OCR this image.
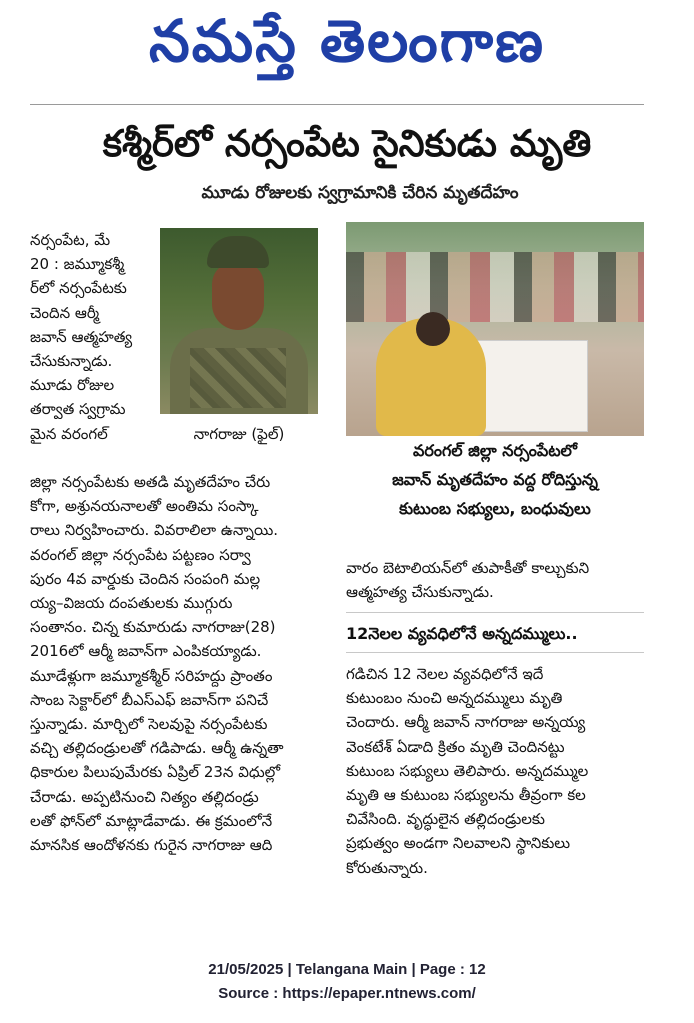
నమస్తే తెలంగాణ
కశ్మీర్‌లో నర్సంపేట సైనికుడు మృతి
మూడు రోజులకు స్వగ్రామానికి చేరిన మృతదేహం

నర్సంపేట, మే

20 : జమ్మూకశ్మీ

ర్‌లో నర్సంపేటకు

చెందిన ఆర్మీ

జవాన్ ఆత్మహత్య

చేసుకున్నాడు.

మూడు రోజుల

తర్వాత స్వగ్రామ

మైన వరంగల్	నాగరాజు (ఫైల్)
వరంగల్ జిల్లా నర్సంపేటలో
జవాన్ మృతదేహం వద్ద రోదిస్తున్న
కుటుంబ సభ్యులు, బంధువులు

జిల్లా నర్సంపేటకు అతడి మృతదేహం చేరు

కోగా, అశ్రునయనాలతో అంతిమ సంస్కా

రాలు నిర్వహించారు. వివరాలిలా ఉన్నాయి.

వరంగల్ జిల్లా నర్సంపేట పట్టణం సర్వా

పురం 4వ వార్డుకు చెందిన సంపంగి మల్ల

య్య–విజయ దంపతులకు ముగ్గురు

సంతానం. చిన్న కుమారుడు నాగరాజు(28)

2016లో ఆర్మీ జవాన్‌గా ఎంపికయ్యాడు.

మూడేళ్లుగా జమ్మూకశ్మీర్ సరిహద్దు ప్రాంతం

సాంబ సెక్టార్‌లో బీఎస్ఎఫ్ జవాన్‌గా పనిచే

స్తున్నాడు. మార్చిలో సెలవుపై నర్సంపేటకు

వచ్చి తల్లిదండ్రులతో గడిపాడు. ఆర్మీ ఉన్నతా

ధికారుల పిలుపుమేరకు ఏప్రిల్ 23న విధుల్లో

చేరాడు. అప్పటినుంచి నిత్యం తల్లిదండ్రు

లతో ఫోన్‌లో మాట్లాడేవాడు. ఈ క్రమంలోనే

మానసిక ఆందోళనకు గురైన నాగరాజు ఆది

వారం బెటాలియన్‌లో తుపాకీతో కాల్చుకుని

ఆత్మహత్య చేసుకున్నాడు.

12నెలల వ్యవధిలోనే అన్నదమ్ములు..

గడిచిన 12 నెలల వ్యవధిలోనే ఇదే

కుటుంబం నుంచి అన్నదమ్ములు మృతి

చెందారు. ఆర్మీ జవాన్ నాగరాజు అన్నయ్య

వెంకటేశ్ ఏడాది క్రితం మృతి చెందినట్టు

కుటుంబ సభ్యులు తెలిపారు. అన్నదమ్ముల

మృతి ఆ కుటుంబ సభ్యులను తీవ్రంగా కల

చివేసింది. వృద్ధులైన తల్లిదండ్రులకు

ప్రభుత్వం అండగా నిలవాలని స్థానికులు

కోరుతున్నారు.

21/05/2025 | Telangana Main | Page : 12
Source : https://epaper.ntnews.com/
